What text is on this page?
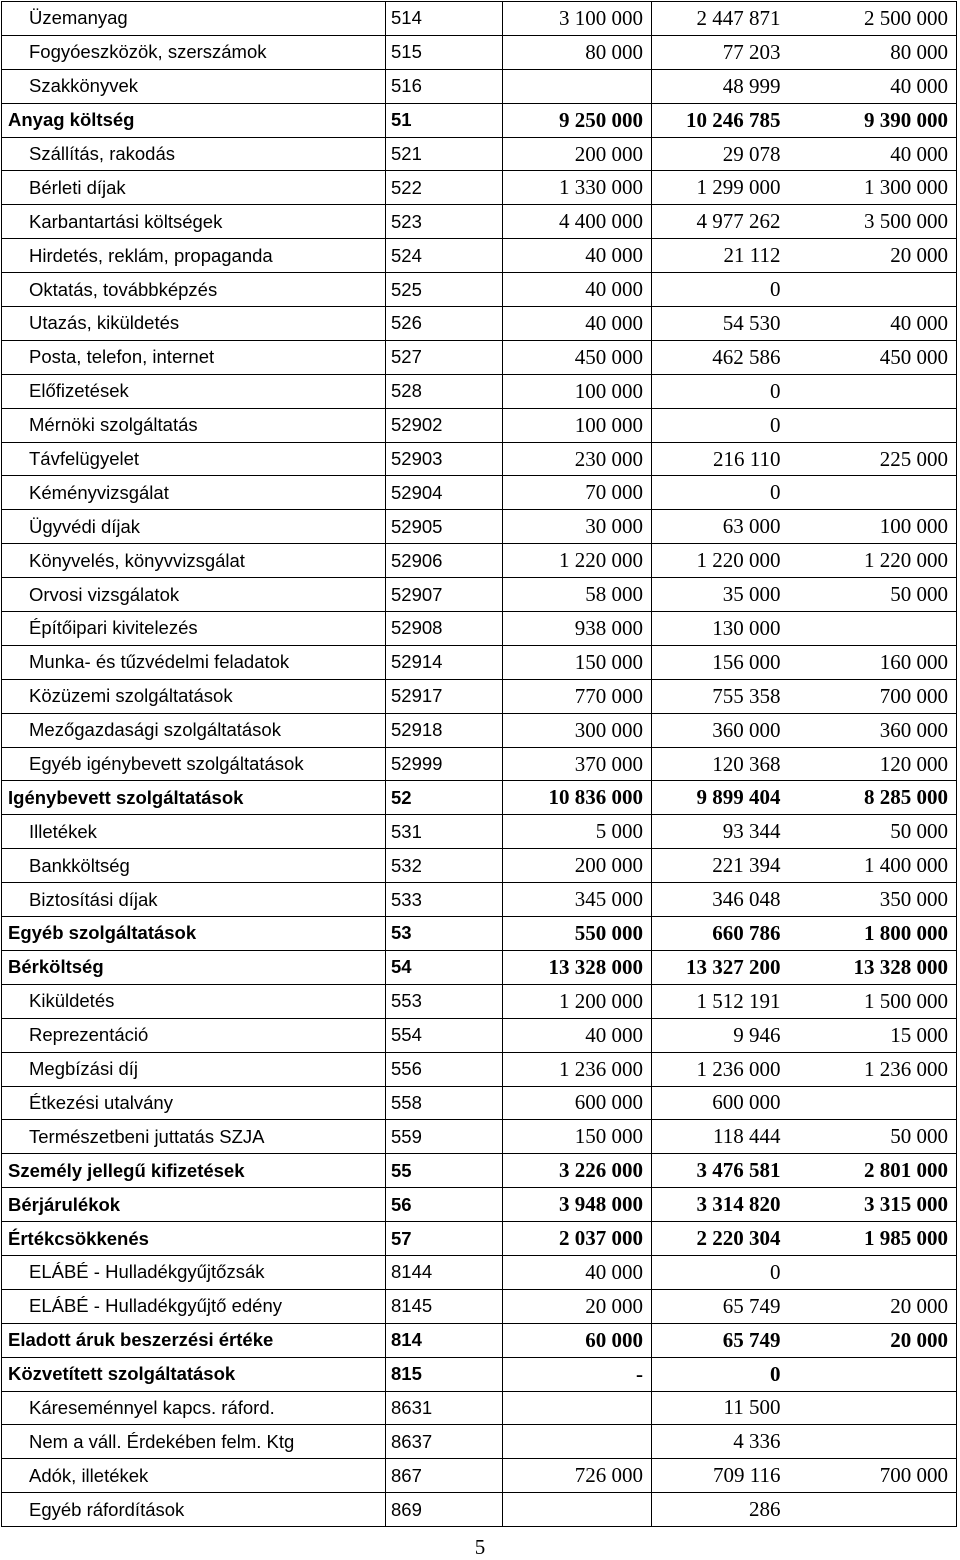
Üzemanyag	514	3 100 000	2 447 871	2 500 000
Fogyóeszközök, szerszámok	515	80 000	77 203	80 000
Szakkönyvek	516		48 999	40 000
Anyag költség	51	9 250 000	10 246 785	9 390 000
Szállítás, rakodás	521	200 000	29 078	40 000
Bérleti díjak	522	1 330 000	1 299 000	1 300 000
Karbantartási költségek	523	4 400 000	4 977 262	3 500 000
Hirdetés, reklám, propaganda	524	40 000	21 112	20 000
Oktatás, továbbképzés	525	40 000	0	
Utazás, kiküldetés	526	40 000	54 530	40 000
Posta, telefon, internet	527	450 000	462 586	450 000
Előfizetések	528	100 000	0	
Mérnöki szolgáltatás	52902	100 000	0	
Távfelügyelet	52903	230 000	216 110	225 000
Kéményvizsgálat	52904	70 000	0	
Ügyvédi díjak	52905	30 000	63 000	100 000
Könyvelés, könyvvizsgálat	52906	1 220 000	1 220 000	1 220 000
Orvosi vizsgálatok	52907	58 000	35 000	50 000
Építőipari kivitelezés	52908	938 000	130 000	
Munka- és tűzvédelmi feladatok	52914	150 000	156 000	160 000
Közüzemi szolgáltatások	52917	770 000	755 358	700 000
Mezőgazdasági szolgáltatások	52918	300 000	360 000	360 000
Egyéb igénybevett szolgáltatások	52999	370 000	120 368	120 000
Igénybevett szolgáltatások	52	10 836 000	9 899 404	8 285 000
Illetékek	531	5 000	93 344	50 000
Bankköltség	532	200 000	221 394	1 400 000
Biztosítási díjak	533	345 000	346 048	350 000
Egyéb szolgáltatások	53	550 000	660 786	1 800 000
Bérköltség	54	13 328 000	13 327 200	13 328 000
Kiküldetés	553	1 200 000	1 512 191	1 500 000
Reprezentáció	554	40 000	9 946	15 000
Megbízási díj	556	1 236 000	1 236 000	1 236 000
Étkezési utalvány	558	600 000	600 000	
Természetbeni juttatás SZJA	559	150 000	118 444	50 000
Személy jellegű kifizetések	55	3 226 000	3 476 581	2 801 000
Bérjárulékok	56	3 948 000	3 314 820	3 315 000
Értékcsökkenés	57	2 037 000	2 220 304	1 985 000
ELÁBÉ - Hulladékgyűjtőzsák	8144	40 000	0	
ELÁBÉ - Hulladékgyűjtő edény	8145	20 000	65 749	20 000
Eladott áruk beszerzési értéke	814	60 000	65 749	20 000
Közvetített szolgáltatások	815	-	0	
Káreseménnyel kapcs. ráford.	8631		11 500	
Nem a váll. Érdekében felm. Ktg	8637		4 336	
Adók, illetékek	867	726 000	709 116	700 000
Egyéb ráfordítások	869		286	
5
